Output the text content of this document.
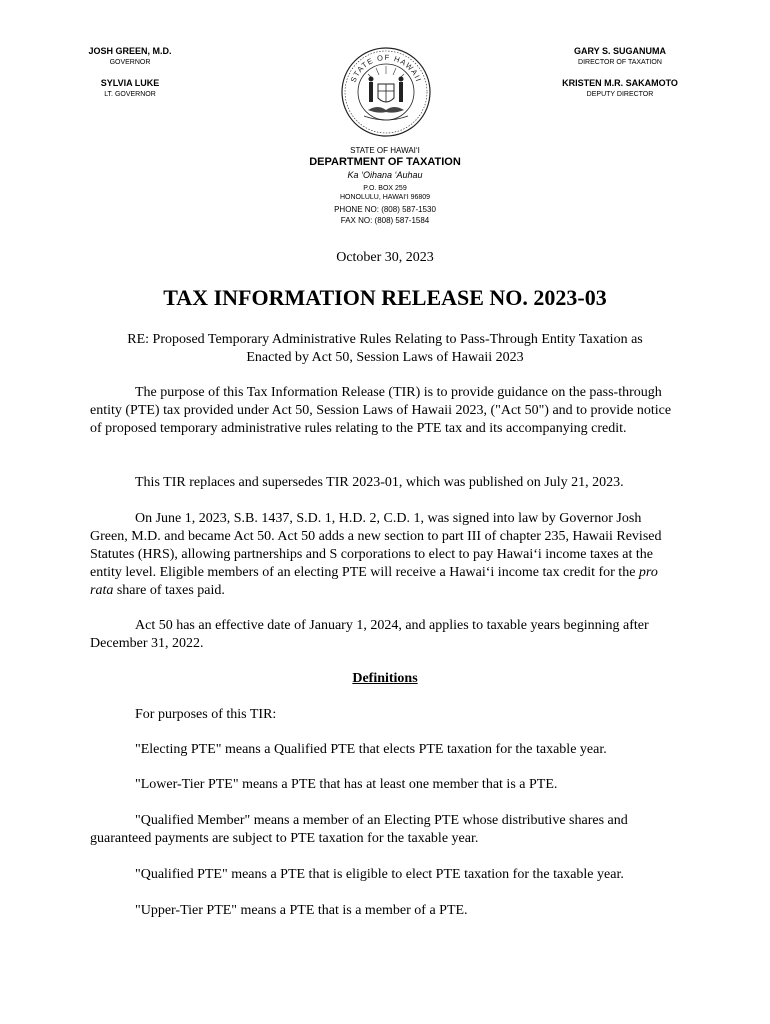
JOSH GREEN, M.D.
GOVERNOR
SYLVIA LUKE
LT. GOVERNOR
GARY S. SUGANUMA
DIRECTOR OF TAXATION
KRISTEN M.R. SAKAMOTO
DEPUTY DIRECTOR
STATE OF HAWAII
STATE OF HAWAI‘I
DEPARTMENT OF TAXATION
Ka ‘Oihana ‘Auhau
P.O. BOX 259
HONOLULU, HAWAI‘I 96809
PHONE NO: (808) 587-1530
FAX NO: (808) 587-1584
October 30, 2023
TAX INFORMATION RELEASE NO. 2023-03
RE: Proposed Temporary Administrative Rules Relating to Pass-Through Entity Taxation as
Enacted by Act 50, Session Laws of Hawaii 2023

The purpose of this Tax Information Release (TIR) is to provide guidance on the pass-through entity (PTE) tax provided under Act 50, Session Laws of Hawaii 2023, ("Act 50") and to provide notice of proposed temporary administrative rules relating to the PTE tax and its accompanying credit.

This TIR replaces and supersedes TIR 2023-01, which was published on July 21, 2023.

On June 1, 2023, S.B. 1437, S.D. 1, H.D. 2, C.D. 1, was signed into law by Governor Josh Green, M.D. and became Act 50. Act 50 adds a new section to part III of chapter 235, Hawaii Revised Statutes (HRS), allowing partnerships and S corporations to elect to pay Hawai‘i income taxes at the entity level. Eligible members of an electing PTE will receive a Hawai‘i income tax credit for the pro rata share of taxes paid.

Act 50 has an effective date of January 1, 2024, and applies to taxable years beginning after December 31, 2022.

Definitions

For purposes of this TIR:

"Electing PTE" means a Qualified PTE that elects PTE taxation for the taxable year.

"Lower-Tier PTE" means a PTE that has at least one member that is a PTE.

"Qualified Member" means a member of an Electing PTE whose distributive shares and guaranteed payments are subject to PTE taxation for the taxable year.

"Qualified PTE" means a PTE that is eligible to elect PTE taxation for the taxable year.

"Upper-Tier PTE" means a PTE that is a member of a PTE.
